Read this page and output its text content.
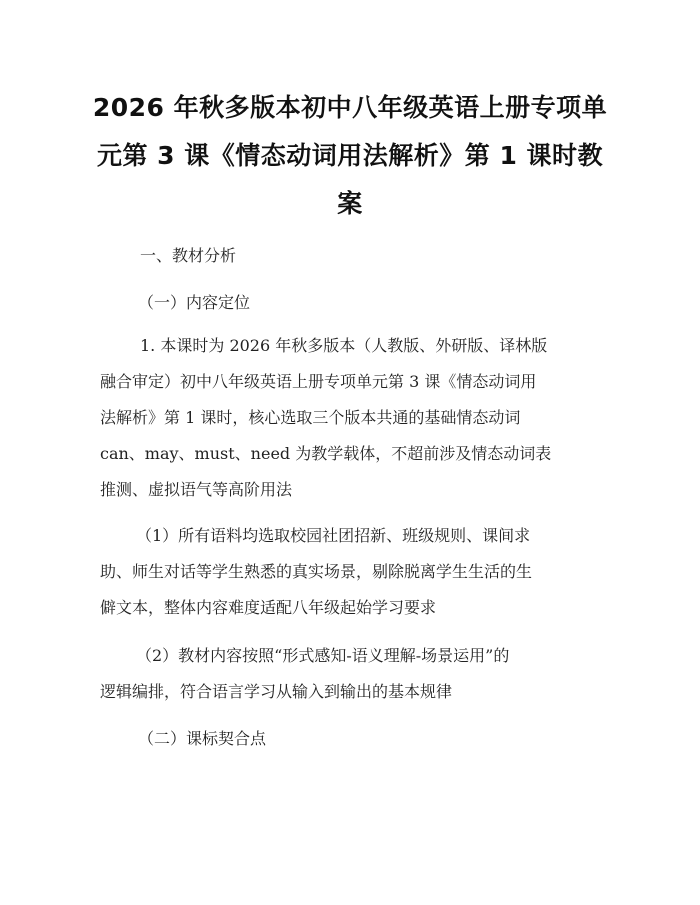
2026 年秋多版本初中八年级英语上册专项单
元第 3 课《情态动词用法解析》第 1 课时教
案
一、教材分析
（一）内容定位
1. 本课时为 2026 年秋多版本（人教版、外研版、译林版
融合审定）初中八年级英语上册专项单元第 3 课《情态动词用
法解析》第 1 课时，核心选取三个版本共通的基础情态动词
can、may、must、need 为教学载体，不超前涉及情态动词表
推测、虚拟语气等高阶用法
（1）所有语料均选取校园社团招新、班级规则、课间求
助、师生对话等学生熟悉的真实场景，剔除脱离学生生活的生
僻文本，整体内容难度适配八年级起始学习要求
（2）教材内容按照“形式感知-语义理解-场景运用”的
逻辑编排，符合语言学习从输入到输出的基本规律
（二）课标契合点
